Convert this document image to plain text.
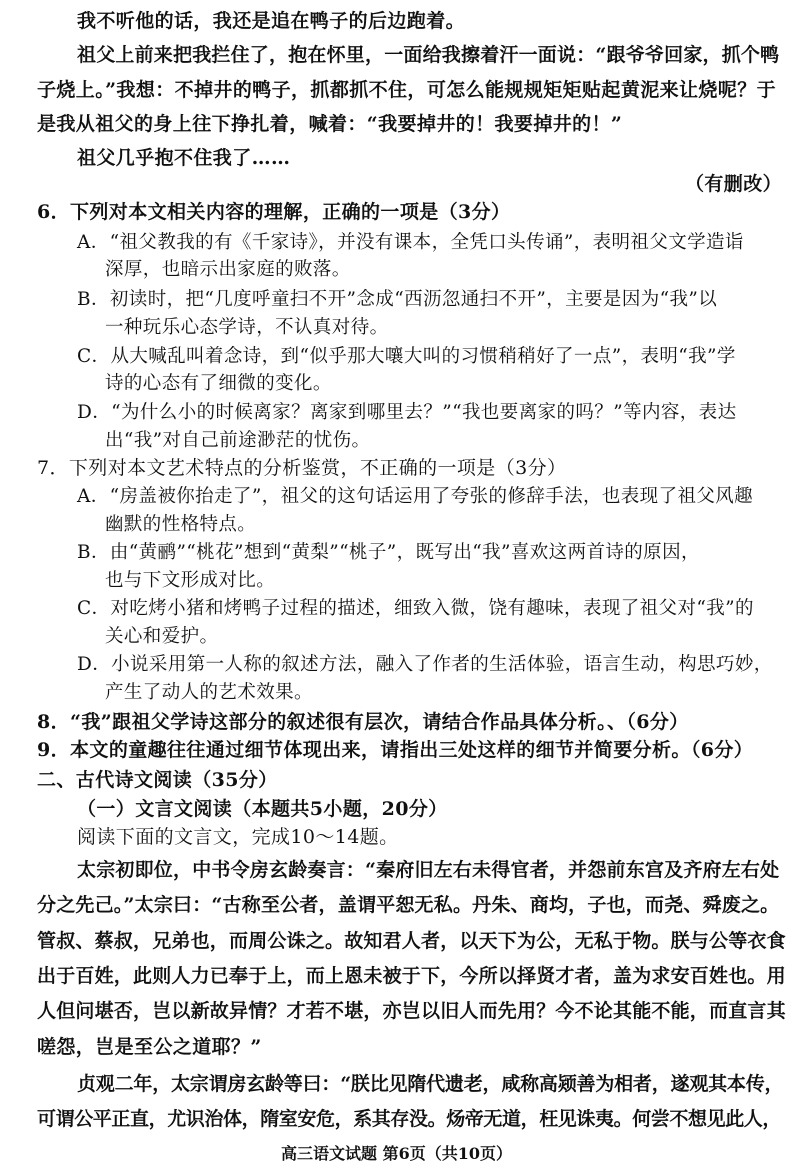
我不听他的话，我还是追在鸭子的后边跑着。
祖父上前来把我拦住了，抱在怀里，一面给我擦着汗一面说：“跟爷爷回家，抓个鸭
子烧上。”我想：不掉井的鸭子，抓都抓不住，可怎么能规规矩矩贴起黄泥来让烧呢？于
是我从祖父的身上往下挣扎着，喊着：“我要掉井的！我要掉井的！”
祖父几乎抱不住我了……
（有删改）
6．下列对本文相关内容的理解，正确的一项是（3分）
A．“祖父教我的有《千家诗》，并没有课本，全凭口头传诵”，表明祖父文学造诣
深厚，也暗示出家庭的败落。
B．初读时，把“几度呼童扫不开”念成“西沥忽通扫不开”，主要是因为“我”以
一种玩乐心态学诗，不认真对待。
C．从大喊乱叫着念诗，到“似乎那大嚷大叫的习惯稍稍好了一点”，表明“我”学
诗的心态有了细微的变化。
D．“为什么小的时候离家？离家到哪里去？”“我也要离家的吗？”等内容，表达
出“我”对自己前途渺茫的忧伤。
7．下列对本文艺术特点的分析鉴赏，不正确的一项是（3分）
A．“房盖被你抬走了”，祖父的这句话运用了夸张的修辞手法，也表现了祖父风趣
幽默的性格特点。
B．由“黄鹂”“桃花”想到“黄梨”“桃子”，既写出“我”喜欢这两首诗的原因，
也与下文形成对比。
C．对吃烤小猪和烤鸭子过程的描述，细致入微，饶有趣味，表现了祖父对“我”的
关心和爱护。
D．小说采用第一人称的叙述方法，融入了作者的生活体验，语言生动，构思巧妙，
产生了动人的艺术效果。
8．“我”跟祖父学诗这部分的叙述很有层次，请结合作品具体分析。、（6分）
9．本文的童趣往往通过细节体现出来，请指出三处这样的细节并简要分析。（6分）
二、古代诗文阅读（35分）
（一）文言文阅读（本题共5小题，20分）
阅读下面的文言文，完成10～14题。
太宗初即位，中书令房玄龄奏言：“秦府旧左右未得官者，并怨前东宫及齐府左右处
分之先己。”太宗曰：“古称至公者，盖谓平恕无私。丹朱、商均，子也，而尧、舜废之。
管叔、蔡叔，兄弟也，而周公诛之。故知君人者，以天下为公，无私于物。朕与公等衣食
出于百姓，此则人力已奉于上，而上恩未被于下，今所以择贤才者，盖为求安百姓也。用
人但问堪否，岂以新故异情？才若不堪，亦岂以旧人而先用？今不论其能不能，而直言其
嗟怨，岂是至公之道耶？”
贞观二年，太宗谓房玄龄等曰：“朕比见隋代遗老，咸称高颎善为相者，遂观其本传，
可谓公平正直，尤识治体，隋室安危，系其存没。炀帝无道，枉见诛夷。何尝不想见此人，
高三语文试题 第6页（共10页）
